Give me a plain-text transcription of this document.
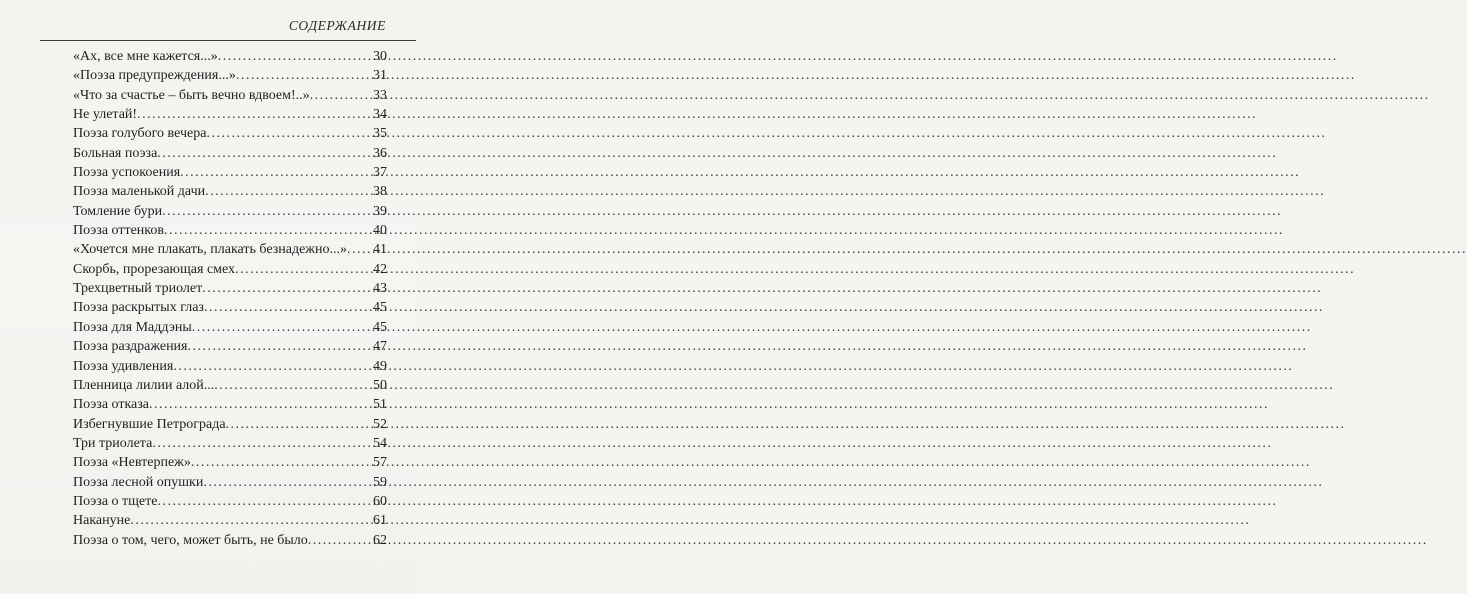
СОДЕРЖАНИЕ
«Ах, все мне кажется...» .....	30
«Поэза предупреждения...» .....	31
«Что за счастье – быть вечно вдвоем!..» .....	33
Не улетай! .....	34
Поэза голубого вечера .....	35
Больная поэза .....	36
Поэза успокоения .....	37
Поэза маленькой дачи .....	38
Томление бури .....	39
Поэза оттенков .....	40
«Хочется мне плакать, плакать безнадежно...» ..... 41
Скорбь, прорезающая смех .....	42
Трехцветный триолет .....	43
Поэза раскрытых глаз .....	45
Поэза для Маддэны .....	45
Поэза раздражения .....	47
Поэза удивления .....	49
Пленница лилии алой... .....	50
Поэза отказа .....	51
Избегнувшие Петрограда .....	52
Три триолета .....	54
Поэза «Невтерпеж» .....	57
Поэза лесной опушки .....	59
Поэза о тщете .....	60
Накануне .....	61
Поэза о том, чего, может быть, не было .....	62
